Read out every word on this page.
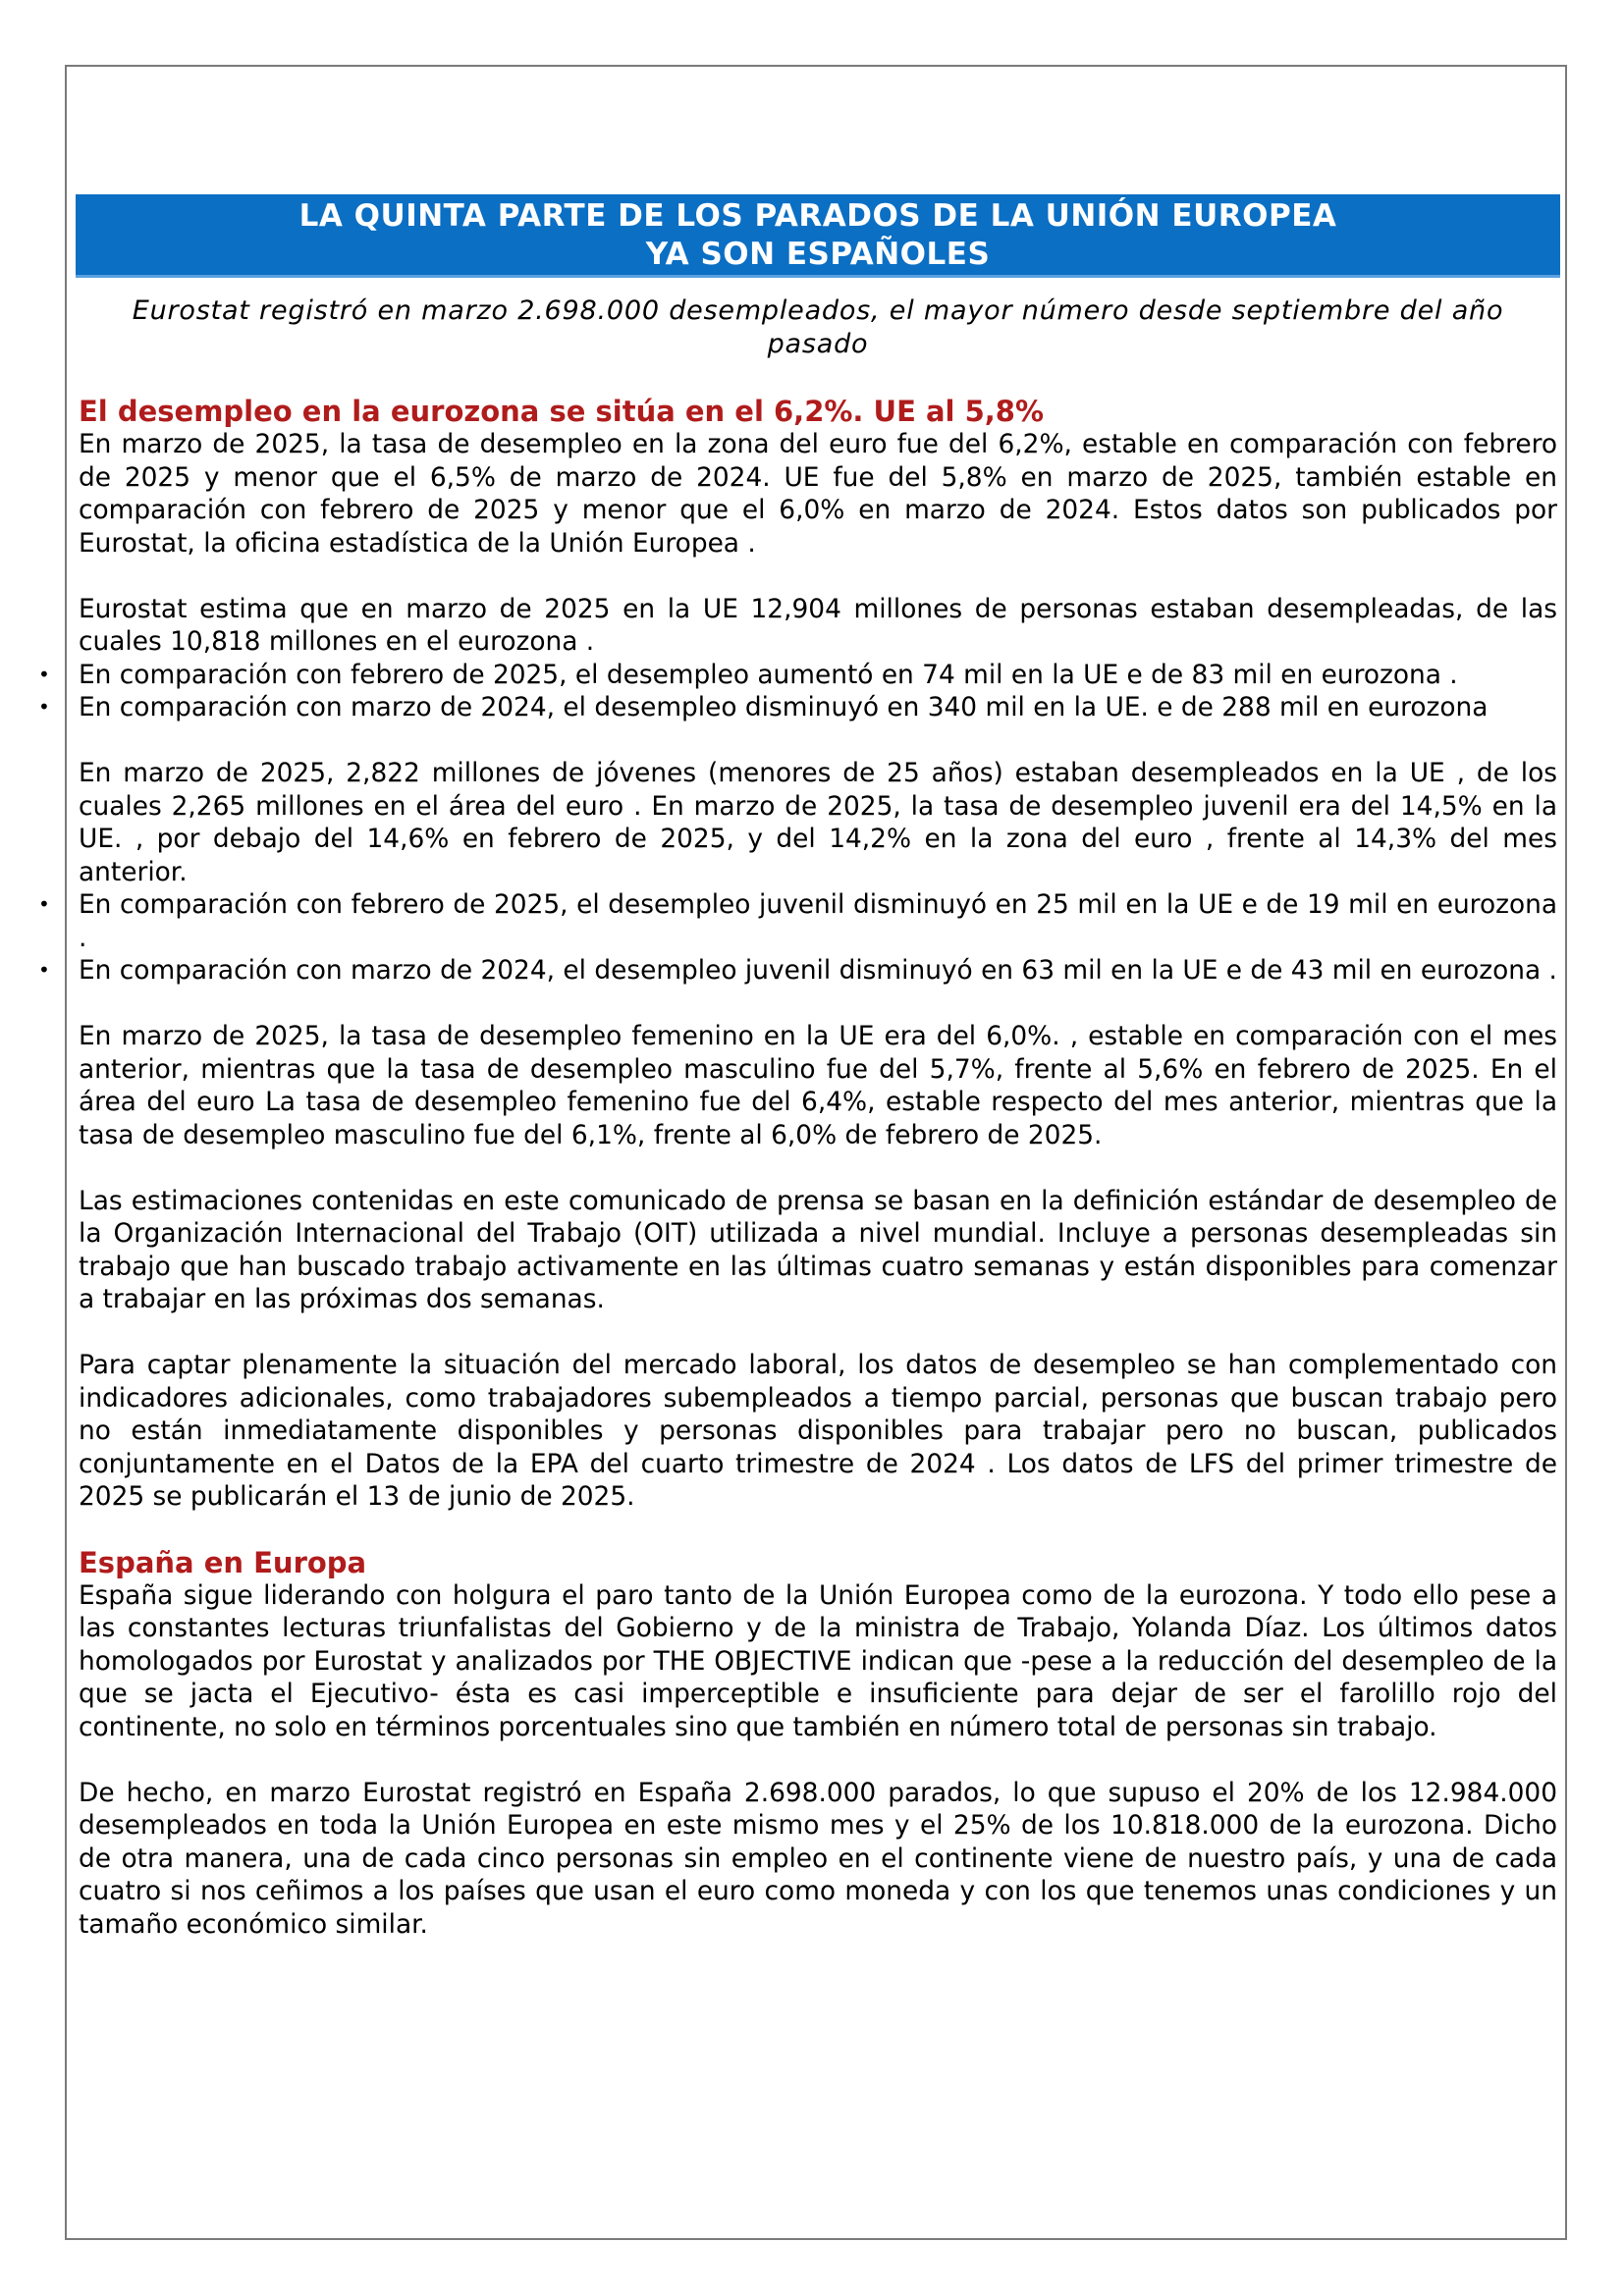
LA QUINTA PARTE DE LOS PARADOS DE LA UNIÓN EUROPEA
YA SON ESPAÑOLES
Eurostat registró en marzo 2.698.000 desempleados, el mayor número desde septiembre del año pasado
El desempleo en la eurozona se sitúa en el 6,2%. UE al 5,8%

En marzo de 2025, la tasa de desempleo en la zona del euro fue del 6,2%, estable en comparación con febrero de 2025 y menor que el 6,5% de marzo de 2024. UE fue del 5,8% en marzo de 2025, también estable en comparación con febrero de 2025 y menor que el 6,0% en marzo de 2024. Estos datos son publicados por Eurostat, la oficina estadística de la Unión Europea .

Eurostat estima que en marzo de 2025 en la UE 12,904 millones de personas estaban desempleadas, de las cuales 10,818 millones en el eurozona .

• En comparación con febrero de 2025, el desempleo aumentó en 74 mil en la UE e de 83 mil en eurozona .
• En comparación con marzo de 2024, el desempleo disminuyó en 340 mil en la UE. e de 288 mil en eurozona

En marzo de 2025, 2,822 millones de jóvenes (menores de 25 años) estaban desempleados en la UE , de los cuales 2,265 millones en el área del euro . En marzo de 2025, la tasa de desempleo juvenil era del 14,5% en la UE. , por debajo del 14,6% en febrero de 2025, y del 14,2% en la zona del euro , frente al 14,3% del mes anterior.

• En comparación con febrero de 2025, el desempleo juvenil disminuyó en 25 mil en la UE e de 19 mil en eurozona .
• En comparación con marzo de 2024, el desempleo juvenil disminuyó en 63 mil en la UE e de 43 mil en eurozona .

En marzo de 2025, la tasa de desempleo femenino en la UE era del 6,0%. , estable en comparación con el mes anterior, mientras que la tasa de desempleo masculino fue del 5,7%, frente al 5,6% en febrero de 2025. En el área del euro La tasa de desempleo femenino fue del 6,4%, estable respecto del mes anterior, mientras que la tasa de desempleo masculino fue del 6,1%, frente al 6,0% de febrero de 2025.

Las estimaciones contenidas en este comunicado de prensa se basan en la definición estándar de desempleo de la Organización Internacional del Trabajo (OIT) utilizada a nivel mundial. Incluye a personas desempleadas sin trabajo que han buscado trabajo activamente en las últimas cuatro semanas y están disponibles para comenzar a trabajar en las próximas dos semanas.

Para captar plenamente la situación del mercado laboral, los datos de desempleo se han complementado con indicadores adicionales, como trabajadores subempleados a tiempo parcial, personas que buscan trabajo pero no están inmediatamente disponibles y personas disponibles para trabajar pero no buscan, publicados conjuntamente en el Datos de la EPA del cuarto trimestre de 2024 . Los datos de LFS del primer trimestre de 2025 se publicarán el 13 de junio de 2025.

España en Europa

España sigue liderando con holgura el paro tanto de la Unión Europea como de la eurozona. Y todo ello pese a las constantes lecturas triunfalistas del Gobierno y de la ministra de Trabajo, Yolanda Díaz. Los últimos datos homologados por Eurostat y analizados por THE OBJECTIVE indican que -pese a la reducción del desempleo de la que se jacta el Ejecutivo- ésta es casi imperceptible e insuficiente para dejar de ser el farolillo rojo del continente, no solo en términos porcentuales sino que también en número total de personas sin trabajo.

De hecho, en marzo Eurostat registró en España 2.698.000 parados, lo que supuso el 20% de los 12.984.000 desempleados en toda la Unión Europea en este mismo mes y el 25% de los 10.818.000 de la eurozona. Dicho de otra manera, una de cada cinco personas sin empleo en el continente viene de nuestro país, y una de cada cuatro si nos ceñimos a los países que usan el euro como moneda y con los que tenemos unas condiciones y un tamaño económico similar.
